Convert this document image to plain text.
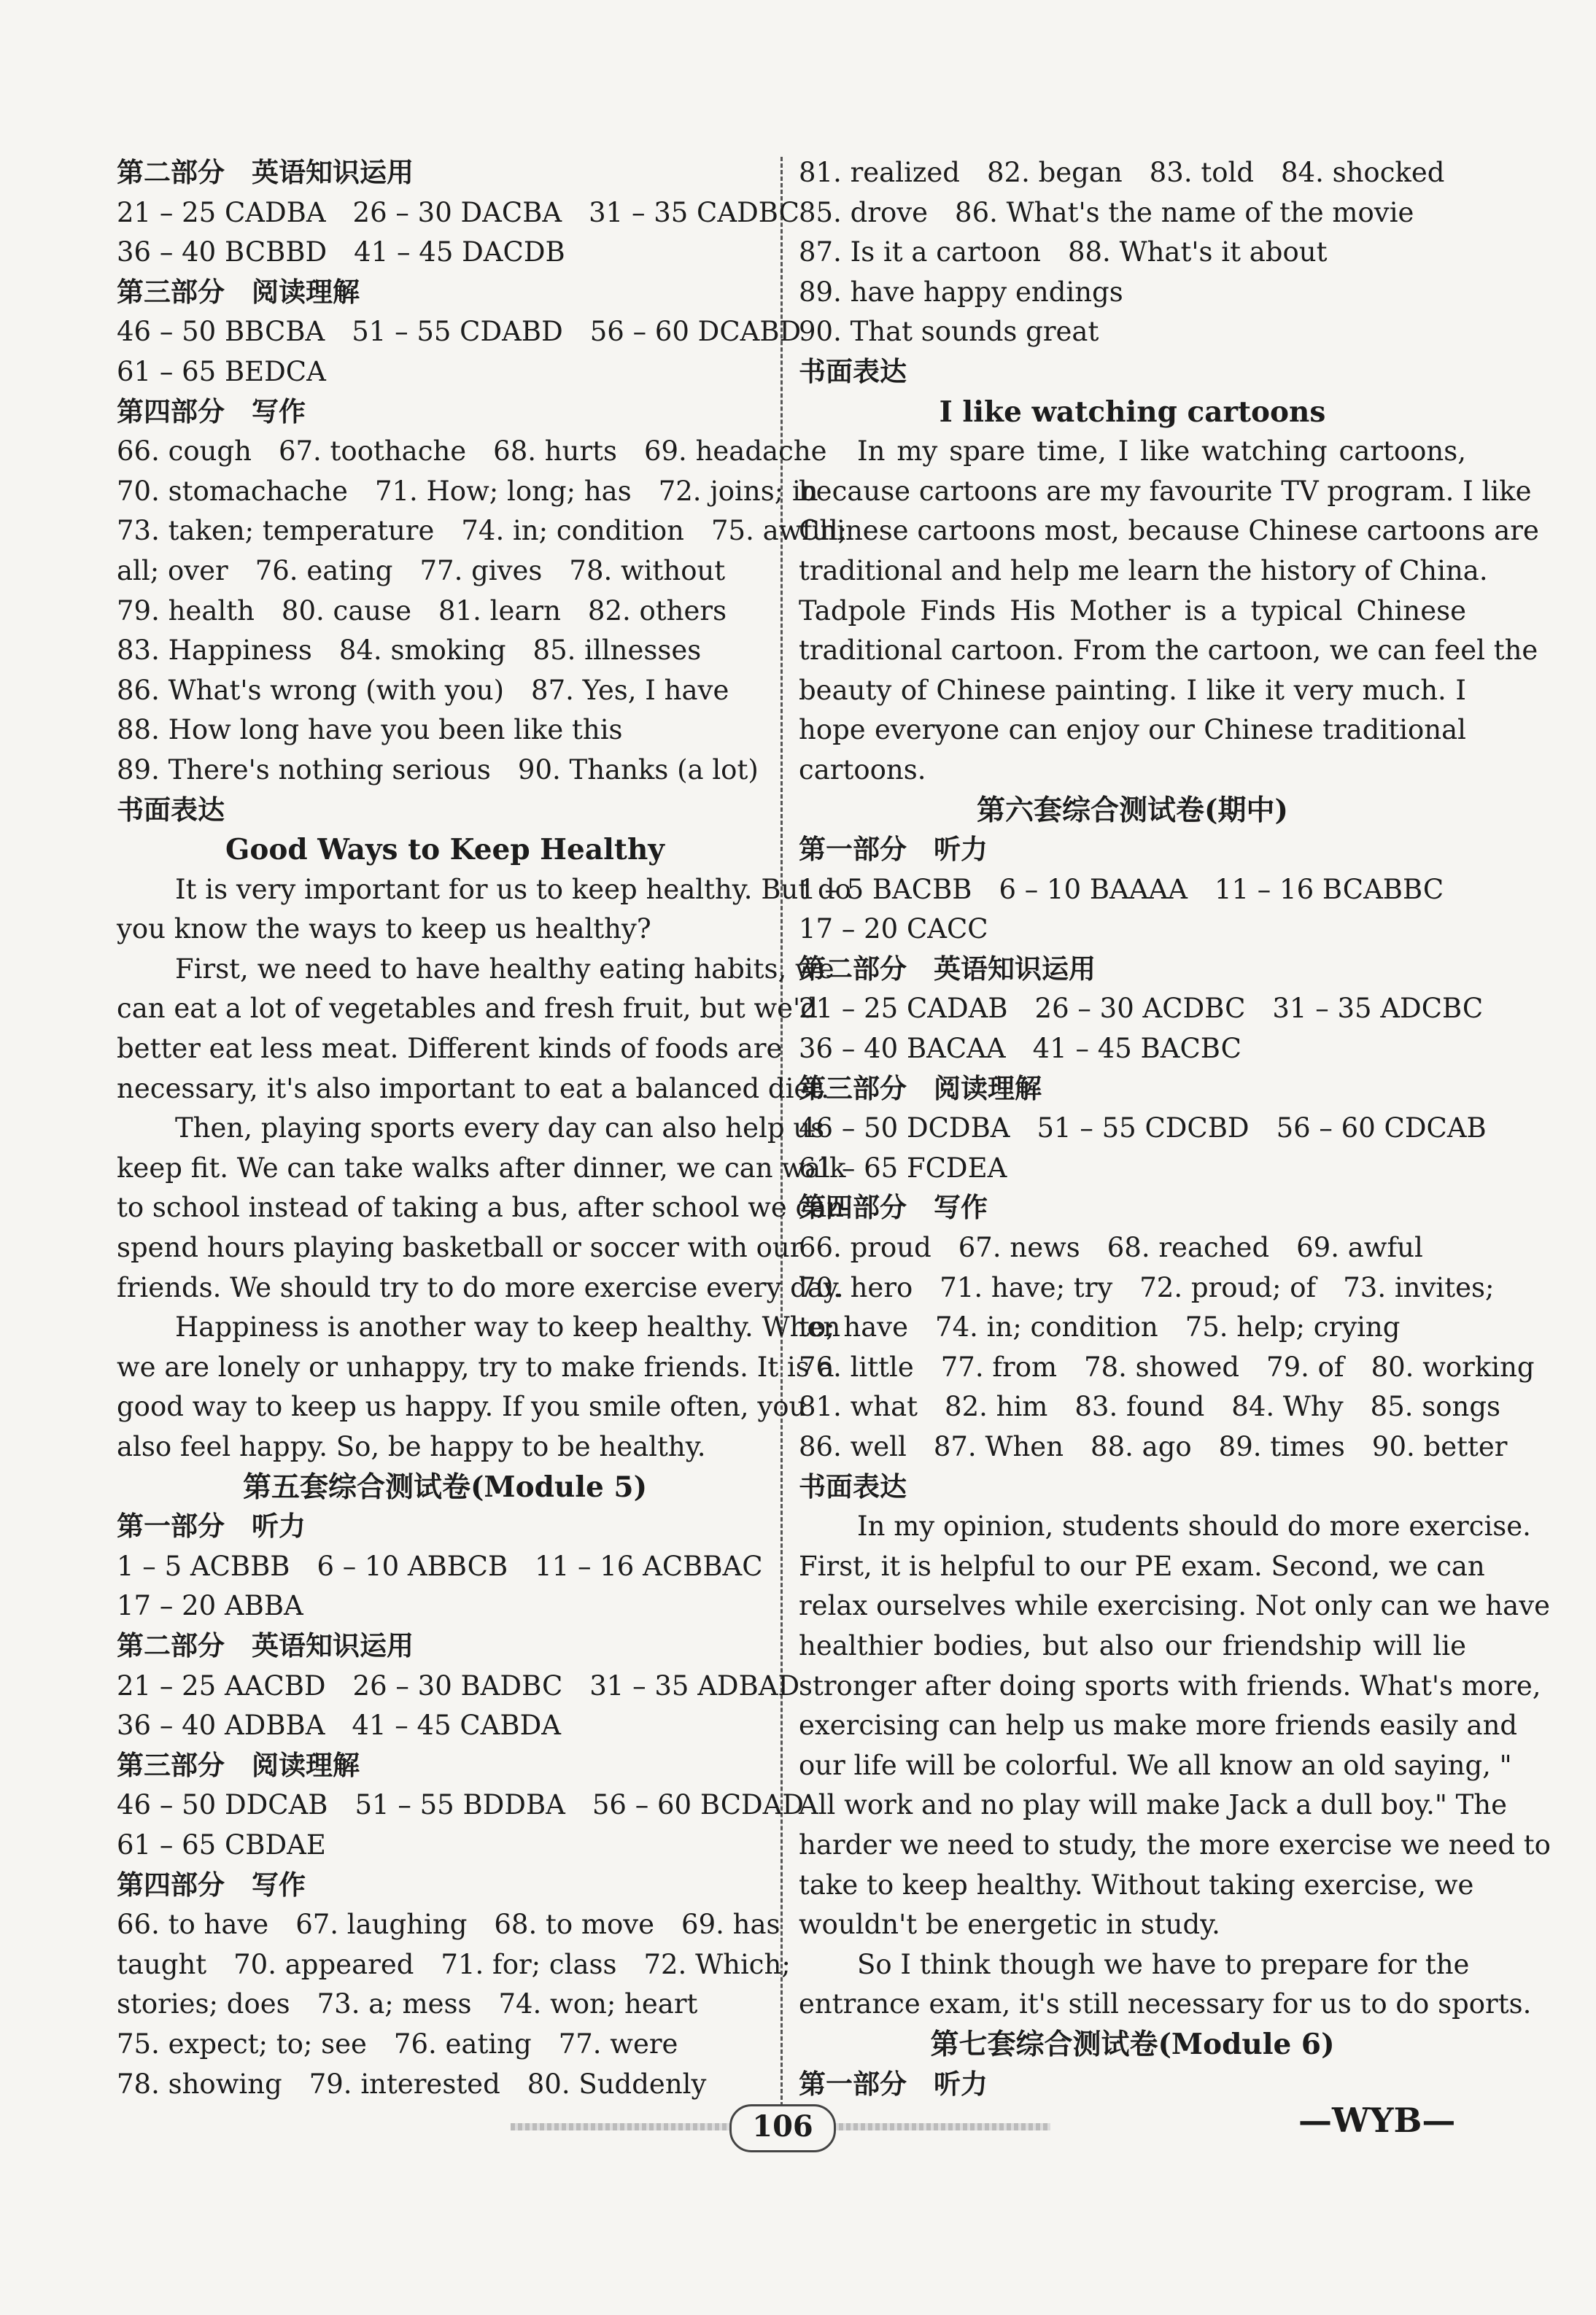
第二部分　英语知识运用
21 – 25 CADBA　26 – 30 DACBA　31 – 35 CADBC
36 – 40 BCBBD　41 – 45 DACDB
第三部分　阅读理解
46 – 50 BBCBA　51 – 55 CDABD　56 – 60 DCABD
61 – 65 BEDCA
第四部分　写作
66. cough　67. toothache　68. hurts　69. headache
70. stomachache　71. How; long; has　72. joins; in
73. taken; temperature　74. in; condition　75. awful;
all; over　76. eating　77. gives　78. without
79. health　80. cause　81. learn　82. others
83. Happiness　84. smoking　85. illnesses
86. What's wrong (with you)　87. Yes, I have
88. How long have you been like this
89. There's nothing serious　90. Thanks (a lot)
书面表达
Good Ways to Keep Healthy
It is very important for us to keep healthy. But do
you know the ways to keep us healthy?
First, we need to have healthy eating habits, we
can eat a lot of vegetables and fresh fruit, but we'd
better eat less meat. Different kinds of foods are
necessary, it's also important to eat a balanced diet.
Then, playing sports every day can also help us
keep fit. We can take walks after dinner, we can walk
to school instead of taking a bus, after school we can
spend hours playing basketball or soccer with our
friends. We should try to do more exercise every day.
Happiness is another way to keep healthy. When
we are lonely or unhappy, try to make friends. It is a
good way to keep us happy. If you smile often, you
also feel happy. So, be happy to be healthy.
第五套综合测试卷(Module 5)
第一部分　听力
1 – 5 ACBBB　6 – 10 ABBCB　11 – 16 ACBBAC
17 – 20 ABBA
第二部分　英语知识运用
21 – 25 AACBD　26 – 30 BADBC　31 – 35 ADBAD
36 – 40 ADBBA　41 – 45 CABDA
第三部分　阅读理解
46 – 50 DDCAB　51 – 55 BDDBA　56 – 60 BCDAD
61 – 65 CBDAE
第四部分　写作
66. to have　67. laughing　68. to move　69. has
taught　70. appeared　71. for; class　72. Which;
stories; does　73. a; mess　74. won; heart
75. expect; to; see　76. eating　77. were
78. showing　79. interested　80. Suddenly
81. realized　82. began　83. told　84. shocked
85. drove　86. What's the name of the movie
87. Is it a cartoon　88. What's it about
89. have happy endings
90. That sounds great
书面表达
I like watching cartoons
In my spare time, I like watching cartoons,
because cartoons are my favourite TV program. I like
Chinese cartoons most, because Chinese cartoons are
traditional and help me learn the history of China.
Tadpole Finds His Mother is a typical Chinese
traditional cartoon. From the cartoon, we can feel the
beauty of Chinese painting. I like it very much. I
hope everyone can enjoy our Chinese traditional
cartoons.
第六套综合测试卷(期中)
第一部分　听力
1 – 5 BACBB　6 – 10 BAAAA　11 – 16 BCABBC
17 – 20 CACC
第二部分　英语知识运用
21 – 25 CADAB　26 – 30 ACDBC　31 – 35 ADCBC
36 – 40 BACAA　41 – 45 BACBC
第三部分　阅读理解
46 – 50 DCDBA　51 – 55 CDCBD　56 – 60 CDCAB
61 – 65 FCDEA
第四部分　写作
66. proud　67. news　68. reached　69. awful
70. hero　71. have; try　72. proud; of　73. invites;
to; have　74. in; condition　75. help; crying
76. little　77. from　78. showed　79. of　80. working
81. what　82. him　83. found　84. Why　85. songs
86. well　87. When　88. ago　89. times　90. better
书面表达
In my opinion, students should do more exercise.
First, it is helpful to our PE exam. Second, we can
relax ourselves while exercising. Not only can we have
healthier bodies, but also our friendship will lie
stronger after doing sports with friends. What's more,
exercising can help us make more friends easily and
our life will be colorful. We all know an old saying, "
All work and no play will make Jack a dull boy." The
harder we need to study, the more exercise we need to
take to keep healthy. Without taking exercise, we
wouldn't be energetic in study.
So I think though we have to prepare for the
entrance exam, it's still necessary for us to do sports.
第七套综合测试卷(Module 6)
第一部分　听力
106	—WYB—
